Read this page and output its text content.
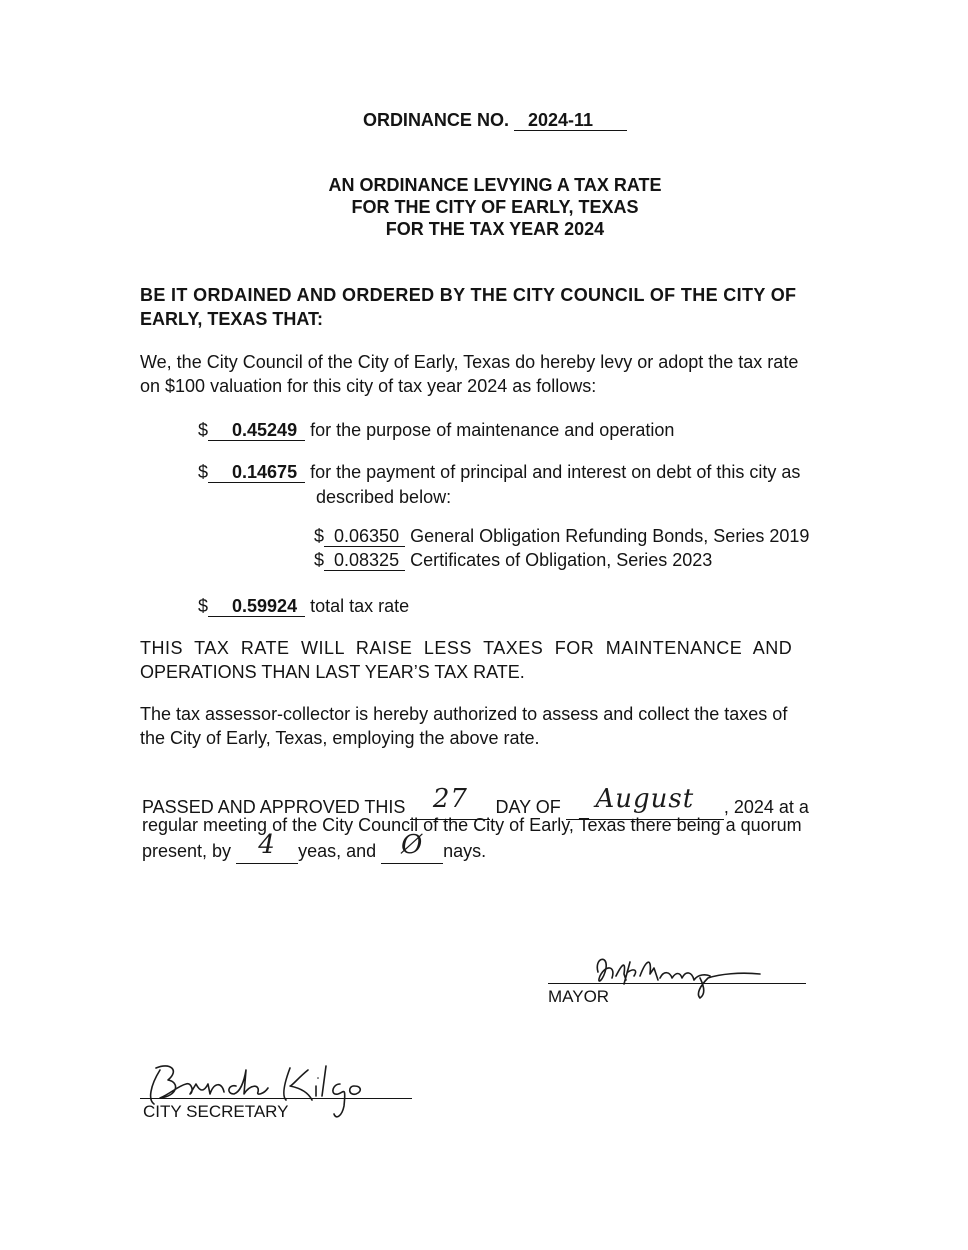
ORDINANCE NO. 2024-11
AN ORDINANCE LEVYING A TAX RATE
FOR THE CITY OF EARLY, TEXAS
FOR THE TAX YEAR 2024
BE IT ORDAINED AND ORDERED BY THE CITY COUNCIL OF THE CITY OF
EARLY, TEXAS THAT:
We, the City Council of the City of Early, Texas do hereby levy or adopt the tax rate
on $100 valuation for this city of tax year 2024 as follows:
$ 0.45249 for the purpose of maintenance and operation
$ 0.14675 for the payment of principal and interest on debt of this city as
described below:
$ 0.06350 General Obligation Refunding Bonds, Series 2019
$ 0.08325 Certificates of Obligation, Series 2023
$ 0.59924 total tax rate
THIS TAX RATE WILL RAISE LESS TAXES FOR MAINTENANCE AND
OPERATIONS THAN LAST YEAR’S TAX RATE.
The tax assessor-collector is hereby authorized to assess and collect the taxes of
the City of Early, Texas, employing the above rate.
PASSED AND APPROVED THIS 27 DAY OF August , 2024 at a
regular meeting of the City Council of the City of Early, Texas there being a quorum
present, by 4 yeas, and Ø nays.
MAYOR
CITY SECRETARY
